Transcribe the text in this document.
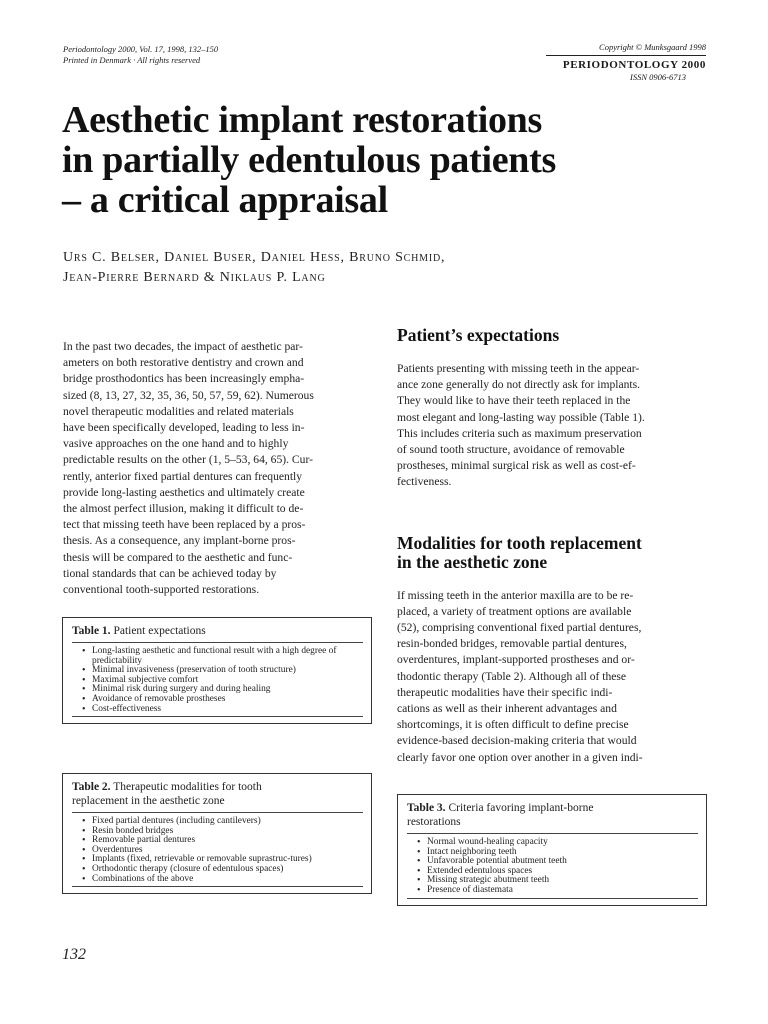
Periodontology 2000, Vol. 17, 1998, 132–150
Printed in Denmark · All rights reserved
Copyright © Munksgaard 1998
PERIODONTOLOGY 2000
ISSN 0906-6713
Aesthetic implant restorations
in partially edentulous patients
– a critical appraisal
Urs C. Belser, Daniel Buser, Daniel Hess, Bruno Schmid,
Jean-Pierre Bernard & Niklaus P. Lang
In the past two decades, the impact of aesthetic par-
ameters on both restorative dentistry and crown and
bridge prosthodontics has been increasingly empha-
sized (8, 13, 27, 32, 35, 36, 50, 57, 59, 62). Numerous
novel therapeutic modalities and related materials
have been specifically developed, leading to less in-
vasive approaches on the one hand and to highly
predictable results on the other (1, 5–53, 64, 65). Cur-
rently, anterior fixed partial dentures can frequently
provide long-lasting aesthetics and ultimately create
the almost perfect illusion, making it difficult to de-
tect that missing teeth have been replaced by a pros-
thesis. As a consequence, any implant-borne pros-
thesis will be compared to the aesthetic and func-
tional standards that can be achieved today by
conventional tooth-supported restorations.
Table 1. Patient expectations
• Long-lasting aesthetic and functional result with a high degree of predictability
• Minimal invasiveness (preservation of tooth structure)
• Maximal subjective comfort
• Minimal risk during surgery and during healing
• Avoidance of removable prostheses
• Cost-effectiveness
Table 2. Therapeutic modalities for tooth
replacement in the aesthetic zone
• Fixed partial dentures (including cantilevers)
• Resin bonded bridges
• Removable partial dentures
• Overdentures
• Implants (fixed, retrievable or removable suprastruc-tures)
• Orthodontic therapy (closure of edentulous spaces)
• Combinations of the above
Patient’s expectations
Patients presenting with missing teeth in the appear-
ance zone generally do not directly ask for implants.
They would like to have their teeth replaced in the
most elegant and long-lasting way possible (Table 1).
This includes criteria such as maximum preservation
of sound tooth structure, avoidance of removable
prostheses, minimal surgical risk as well as cost-ef-
fectiveness.
Modalities for tooth replacement
in the aesthetic zone
If missing teeth in the anterior maxilla are to be re-
placed, a variety of treatment options are available
(52), comprising conventional fixed partial dentures,
resin-bonded bridges, removable partial dentures,
overdentures, implant-supported prostheses and or-
thodontic therapy (Table 2). Although all of these
therapeutic modalities have their specific indi-
cations as well as their inherent advantages and
shortcomings, it is often difficult to define precise
evidence-based decision-making criteria that would
clearly favor one option over another in a given indi-
Table 3. Criteria favoring implant-borne
restorations
• Normal wound-healing capacity
• Intact neighboring teeth
• Unfavorable potential abutment teeth
• Extended edentulous spaces
• Missing strategic abutment teeth
• Presence of diastemata
132
